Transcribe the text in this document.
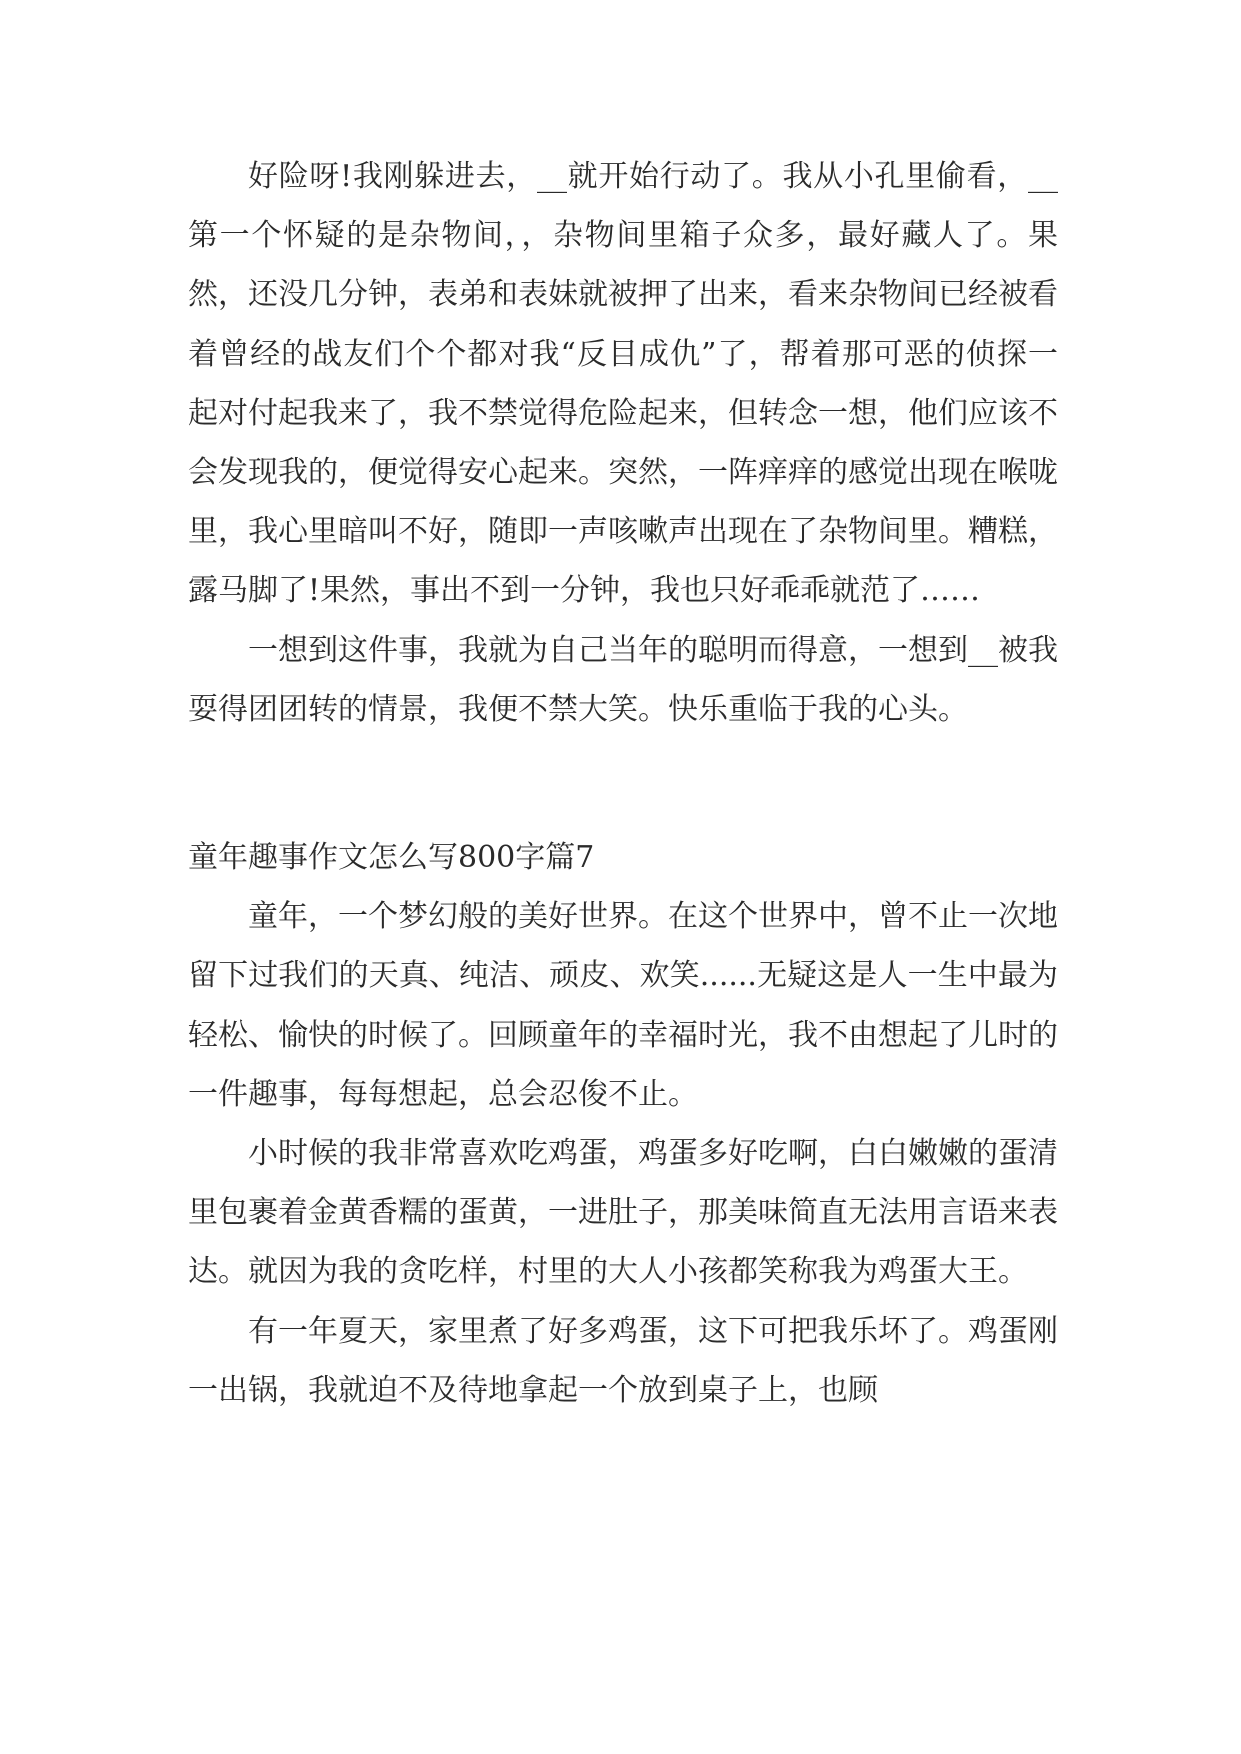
好险呀!我刚躲进去，__就开始行动了。我从小孔里偷看，__第一个怀疑的是杂物间，，杂物间里箱子众多，最好藏人了。果然，还没几分钟，表弟和表妹就被押了出来，看来杂物间已经被看着曾经的战友们个个都对我“反目成仇”了，帮着那可恶的侦探一起对付起我来了，我不禁觉得危险起来，但转念一想，他们应该不会发现我的，便觉得安心起来。突然，一阵痒痒的感觉出现在喉咙里，我心里暗叫不好，随即一声咳嗽声出现在了杂物间里。糟糕，露马脚了!果然，事出不到一分钟，我也只好乖乖就范了……

一想到这件事，我就为自己当年的聪明而得意，一想到__被我耍得团团转的情景，我便不禁大笑。快乐重临于我的心头。

童年趣事作文怎么写800字篇7

童年，一个梦幻般的美好世界。在这个世界中，曾不止一次地留下过我们的天真、纯洁、顽皮、欢笑......无疑这是人一生中最为轻松、愉快的时候了。回顾童年的幸福时光，我不由想起了儿时的一件趣事，每每想起，总会忍俊不止。

小时候的我非常喜欢吃鸡蛋，鸡蛋多好吃啊，白白嫩嫩的蛋清里包裹着金黄香糯的蛋黄，一进肚子，那美味简直无法用言语来表达。就因为我的贪吃样，村里的大人小孩都笑称我为鸡蛋大王。

有一年夏天，家里煮了好多鸡蛋，这下可把我乐坏了。鸡蛋刚一出锅，我就迫不及待地拿起一个放到桌子上，也顾
